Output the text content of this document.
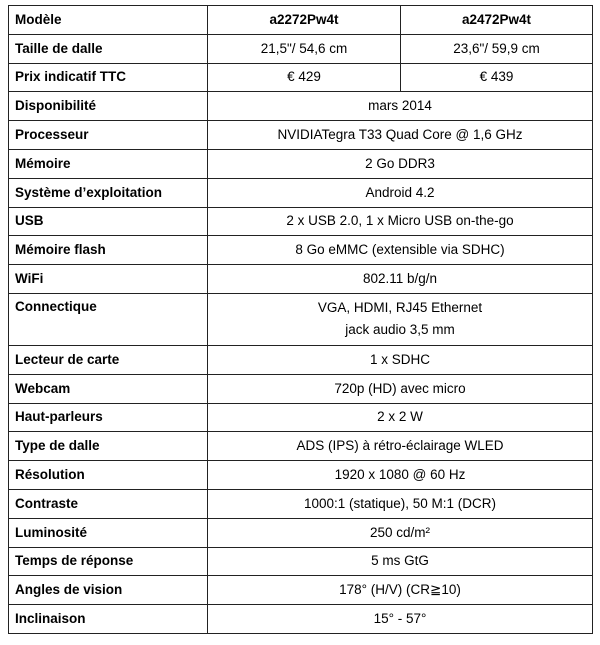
Modèle	a2272Pw4t	a2472Pw4t
Taille de dalle	21,5"/ 54,6 cm	23,6"/ 59,9 cm
Prix indicatif TTC	€ 429	€ 439
Disponibilité	mars 2014	
Processeur	NVIDIATegra T33 Quad Core @ 1,6 GHz	
Mémoire	2 Go DDR3	
Système d’exploitation	Android 4.2	
USB	2 x USB 2.0, 1 x Micro USB on-the-go	
Mémoire flash	8 Go eMMC (extensible via SDHC)	
WiFi	802.11 b/g/n	
Connectique	VGA, HDMI, RJ45 Ethernet
jack audio 3,5 mm	

Lecteur de carte	1 x SDHC	
Webcam	720p (HD) avec micro	
Haut-parleurs	2 x 2 W	
Type de dalle	ADS (IPS) à rétro-éclairage WLED	
Résolution	1920 x 1080 @ 60 Hz	
Contraste	1000:1 (statique), 50 M:1 (DCR)	
Luminosité	250 cd/m²	
Temps de réponse	5 ms GtG	
Angles de vision	178° (H/V) (CR≧10)	
Inclinaison	15° - 57°	
